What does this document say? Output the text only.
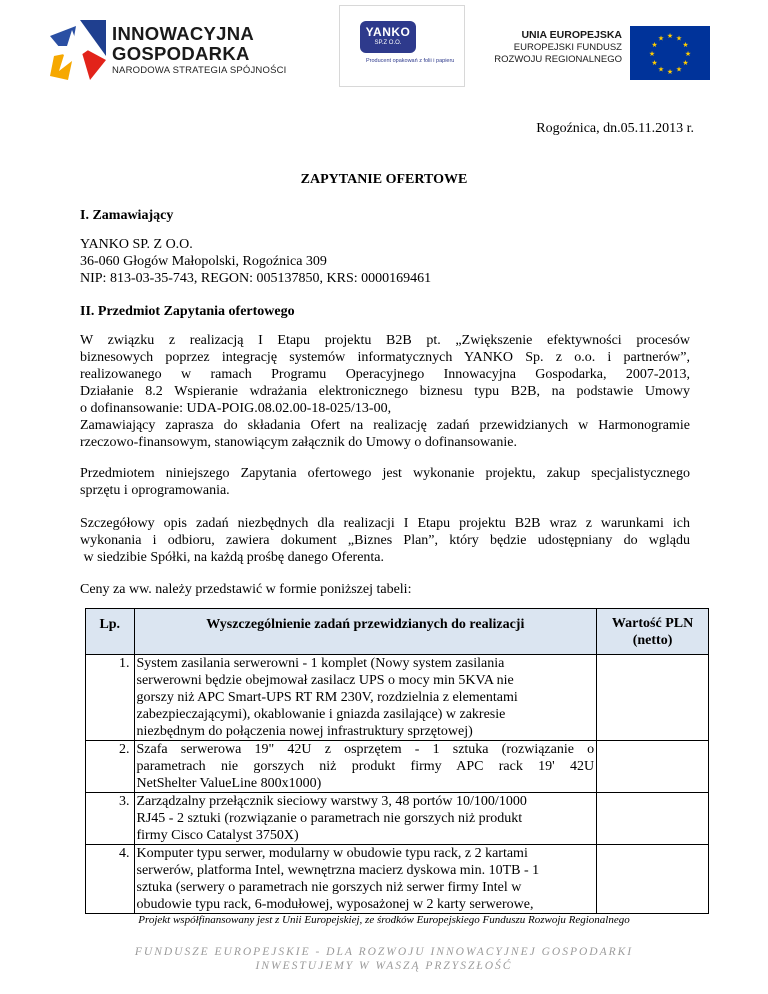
INNOWACYJNA
GOSPODARKA
NARODOWA STRATEGIA SPÓJNOŚCI
YANKO
SP.Z O.O.
Producent opakowań z folii i papieru
UNIA EUROPEJSKA
EUROPEJSKI FUNDUSZ
ROZWOJU REGIONALNEGO
★ ★
★
★
★
★
★
★
★
★
★
★
Rogoźnica, dn.05.11.2013 r.
ZAPYTANIE OFERTOWE
I. Zamawiający
YANKO SP. Z O.O.
36-060 Głogów Małopolski, Rogoźnica 309
NIP: 813-03-35-743, REGON: 005137850, KRS: 0000169461
II. Przedmiot Zapytania ofertowego

W związku z realizacją I Etapu projektu B2B pt. „Zwiększenie efektywności procesów

biznesowych poprzez integrację systemów informatycznych YANKO Sp. z o.o. i partnerów”,

realizowanego w ramach Programu Operacyjnego Innowacyjna Gospodarka, 2007-2013,

Działanie 8.2 Wspieranie wdrażania elektronicznego biznesu typu B2B, na podstawie Umowy

o dofinansowanie: UDA-POIG.08.02.00-18-025/13-00,

Zamawiający zaprasza do składania Ofert na realizację zadań przewidzianych w Harmonogramie

rzeczowo-finansowym, stanowiącym załącznik do Umowy o dofinansowanie.

Przedmiotem niniejszego Zapytania ofertowego jest wykonanie projektu, zakup specjalistycznego

sprzętu i oprogramowania.

Szczegółowy opis zadań niezbędnych dla realizacji I Etapu projektu B2B wraz z warunkami ich

wykonania i odbioru, zawiera dokument „Biznes Plan”, który będzie udostępniany do wglądu

w siedzibie Spółki, na każdą prośbę danego Oferenta.

Ceny za ww. należy przedstawić w formie poniższej tabeli:
Lp.	Wyszczególnienie zadań przewidzianych do realizacji	Wartość PLN
(netto)

1.	System zasilania serwerowni - 1 komplet (Nowy system zasilania
serwerowni będzie obejmował zasilacz UPS o mocy min 5KVA nie
gorszy niż APC Smart-UPS RT RM 230V, rozdzielnia z elementami
zabezpieczającymi), okablowanie i gniazda zasilające) w zakresie
niezbędnym do połączenia nowej infrastruktury sprzętowej)	

2.	Szafa serwerowa 19" 42U z osprzętem - 1 sztuka (rozwiązanie o

parametrach nie gorszych niż produkt firmy APC rack 19' 42U

NetShelter ValueLine 800x1000)	

3.	Zarządzalny przełącznik sieciowy warstwy 3, 48 portów 10/100/1000
RJ45 - 2 sztuki (rozwiązanie o parametrach nie gorszych niż produkt
firmy Cisco Catalyst 3750X)	

4.	Komputer typu serwer, modularny w obudowie typu rack, z 2 kartami
serwerów, platforma Intel, wewnętrzna macierz dyskowa min. 10TB - 1
sztuka (serwery o parametrach nie gorszych niż serwer firmy Intel w
obudowie typu rack, 6-modułowej, wyposażonej w 2 karty serwerowe,	

Projekt współfinansowany jest z Unii Europejskiej, ze środków Europejskiego Funduszu Rozwoju Regionalnego
FUNDUSZE EUROPEJSKIE - DLA ROZWOJU INNOWACYJNEJ GOSPODARKI
INWESTUJEMY W WASZĄ PRZYSZŁOŚĆ
